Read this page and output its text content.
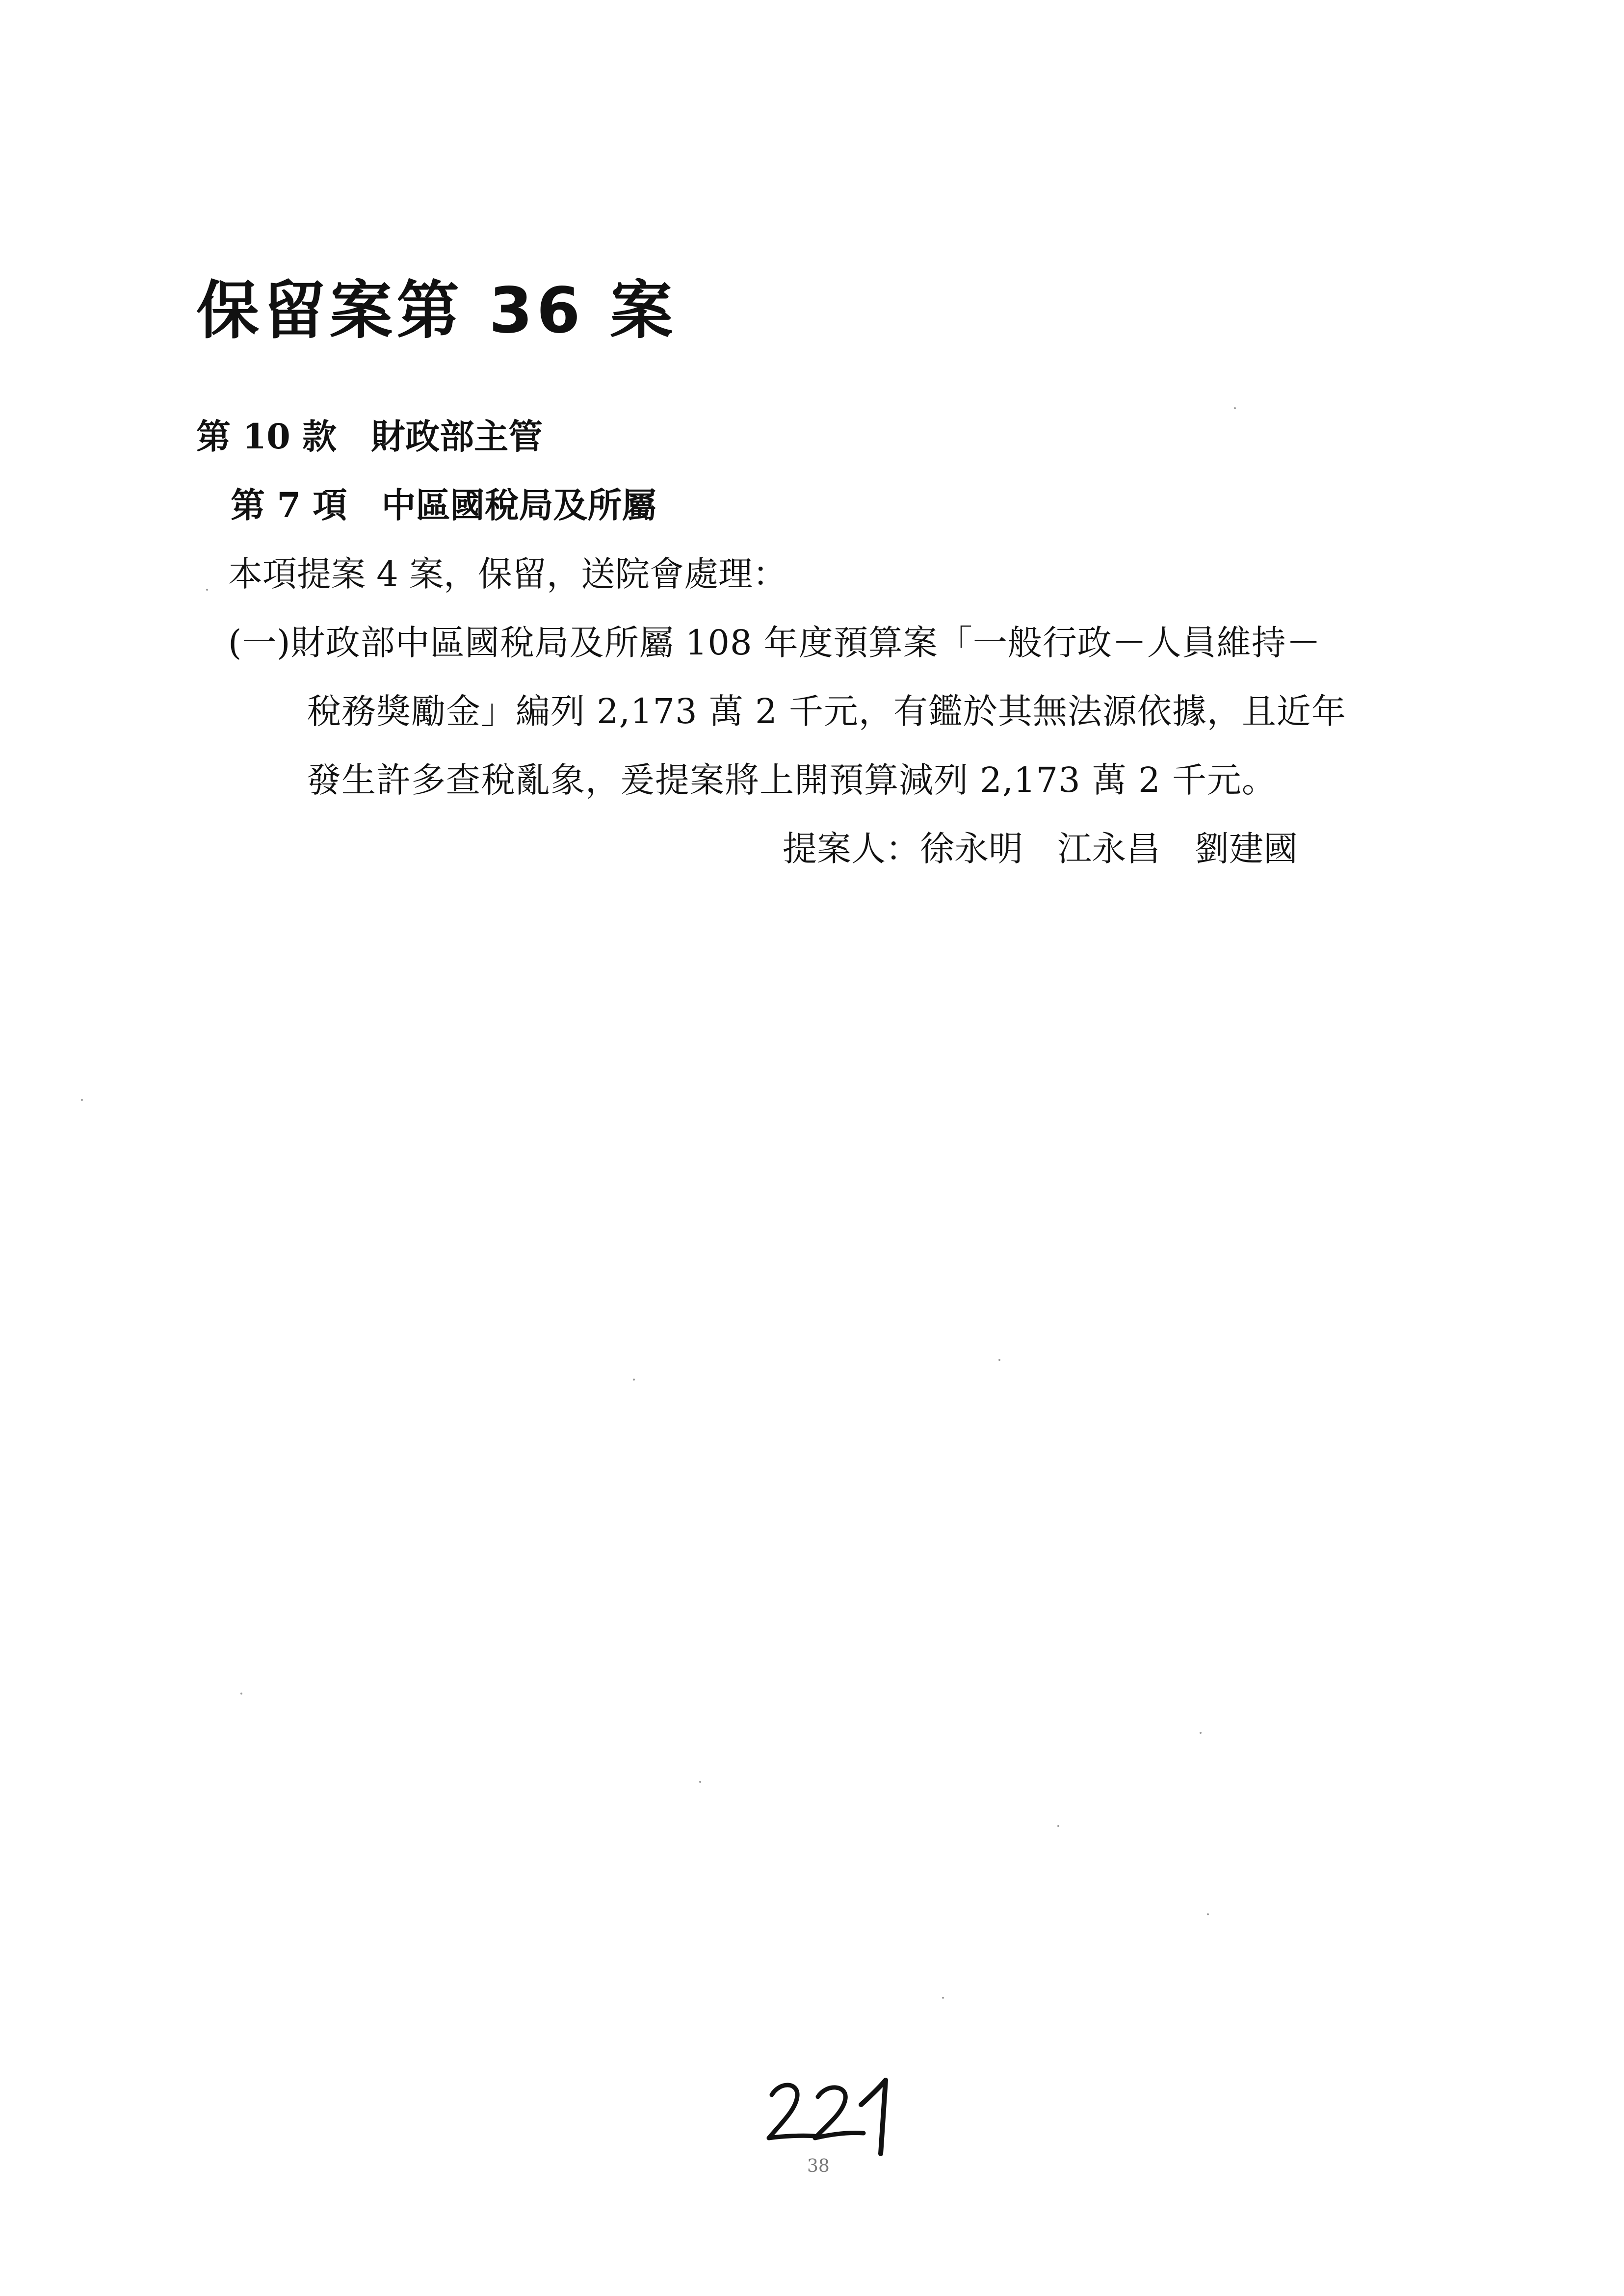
保留案第 36 案
第 10 款 財政部主管
第 7 項 中區國稅局及所屬
本項提案 4 案，保留，送院會處理：
(一)財政部中區國稅局及所屬 108 年度預算案「一般行政－人員維持－
稅務獎勵金」編列 2,173 萬 2 千元，有鑑於其無法源依據，且近年
發生許多查稅亂象，爰提案將上開預算減列 2,173 萬 2 千元。
提案人：徐永明 江永昌 劉建國
38
